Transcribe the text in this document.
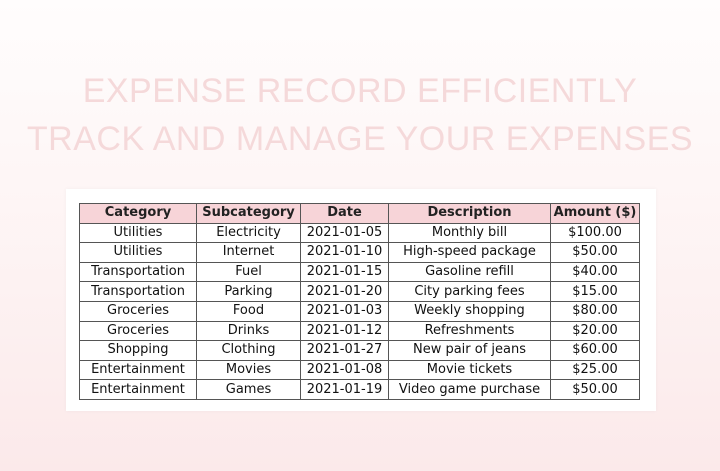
EXPENSE RECORD EFFICIENTLY
TRACK AND MANAGE YOUR EXPENSES
Category	Subcategory	Date	Description	Amount ($)
Utilities	Electricity	2021-01-05	Monthly bill	$100.00
Utilities	Internet	2021-01-10	High-speed package	$50.00
Transportation	Fuel	2021-01-15	Gasoline refill	$40.00
Transportation	Parking	2021-01-20	City parking fees	$15.00
Groceries	Food	2021-01-03	Weekly shopping	$80.00
Groceries	Drinks	2021-01-12	Refreshments	$20.00
Shopping	Clothing	2021-01-27	New pair of jeans	$60.00
Entertainment	Movies	2021-01-08	Movie tickets	$25.00
Entertainment	Games	2021-01-19	Video game purchase	$50.00
